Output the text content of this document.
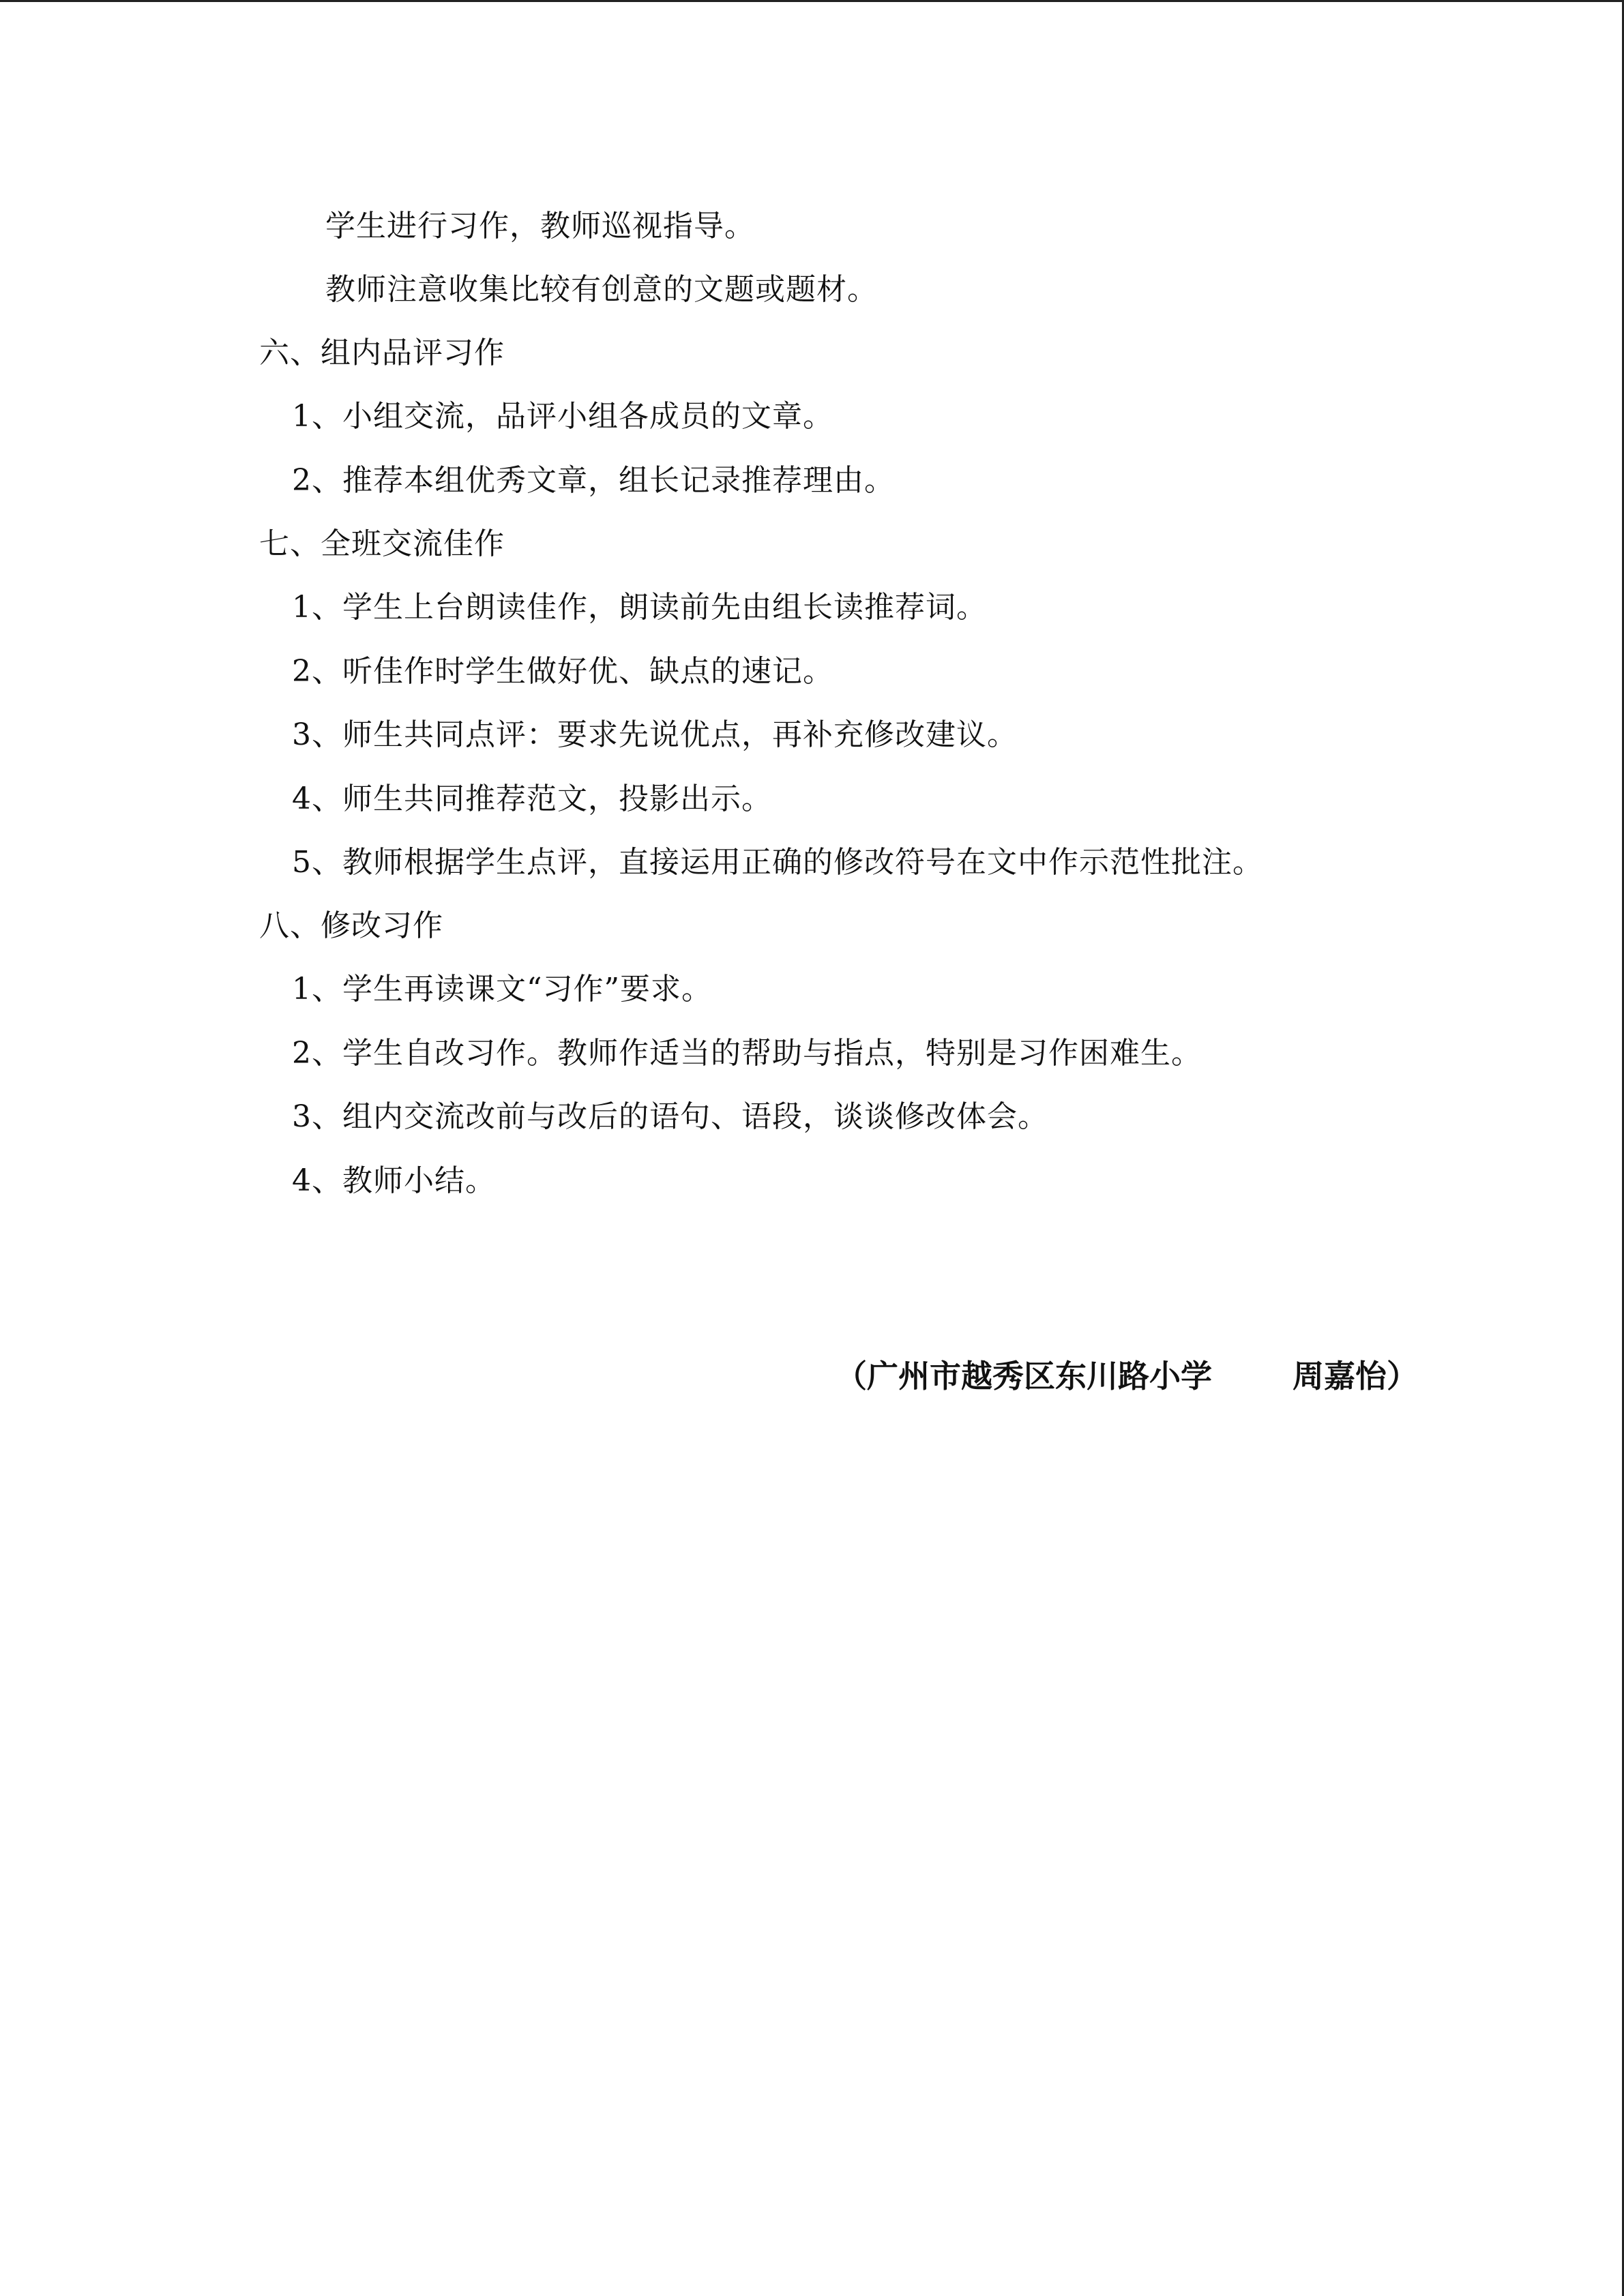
学生进行习作，教师巡视指导。
教师注意收集比较有创意的文题或题材。
六、组内品评习作
1、小组交流，品评小组各成员的文章。
2、推荐本组优秀文章，组长记录推荐理由。
七、全班交流佳作
1、学生上台朗读佳作，朗读前先由组长读推荐词。
2、听佳作时学生做好优、缺点的速记。
3、师生共同点评：要求先说优点，再补充修改建议。
4、师生共同推荐范文，投影出示。
5、教师根据学生点评，直接运用正确的修改符号在文中作示范性批注。
八、修改习作
1、学生再读课文“习作”要求。
2、学生自改习作。教师作适当的帮助与指点，特别是习作困难生。
3、组内交流改前与改后的语句、语段，谈谈修改体会。
4、教师小结。
（广州市越秀区东川路小学	周嘉怡）
